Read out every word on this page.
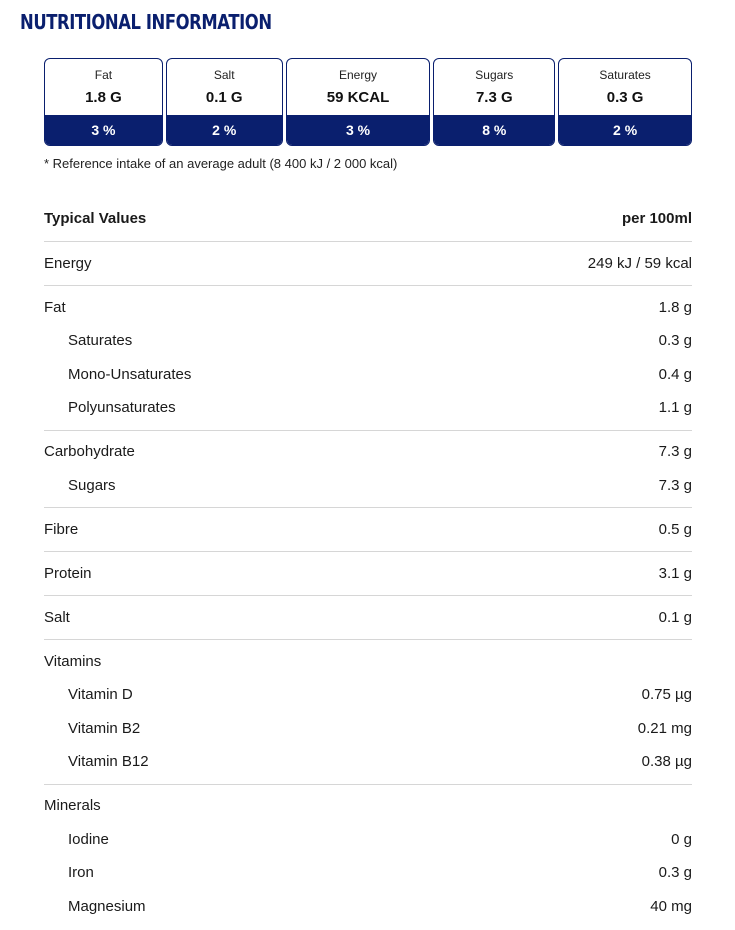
NUTRITIONAL INFORMATION
Fat
1.8 G
3 %
Salt
0.1 G
2 %
Energy
59 KCAL
3 %
Sugars
7.3 G
8 %
Saturates
0.3 G
2 %

* Reference intake of an average adult (8 400 kJ / 2 000 kcal)

Typical Values	per 100ml
Energy	249 kJ / 59 kcal
Fat	1.8 g
Saturates	0.3 g
Mono-Unsaturates	0.4 g
Polyunsaturates	1.1 g
Carbohydrate	7.3 g
Sugars	7.3 g
Fibre	0.5 g
Protein	3.1 g
Salt	0.1 g
Vitamins
Vitamin D	0.75 µg
Vitamin B2	0.21 mg
Vitamin B12	0.38 µg
Minerals
Iodine	0 g
Iron	0.3 g
Magnesium	40 mg
